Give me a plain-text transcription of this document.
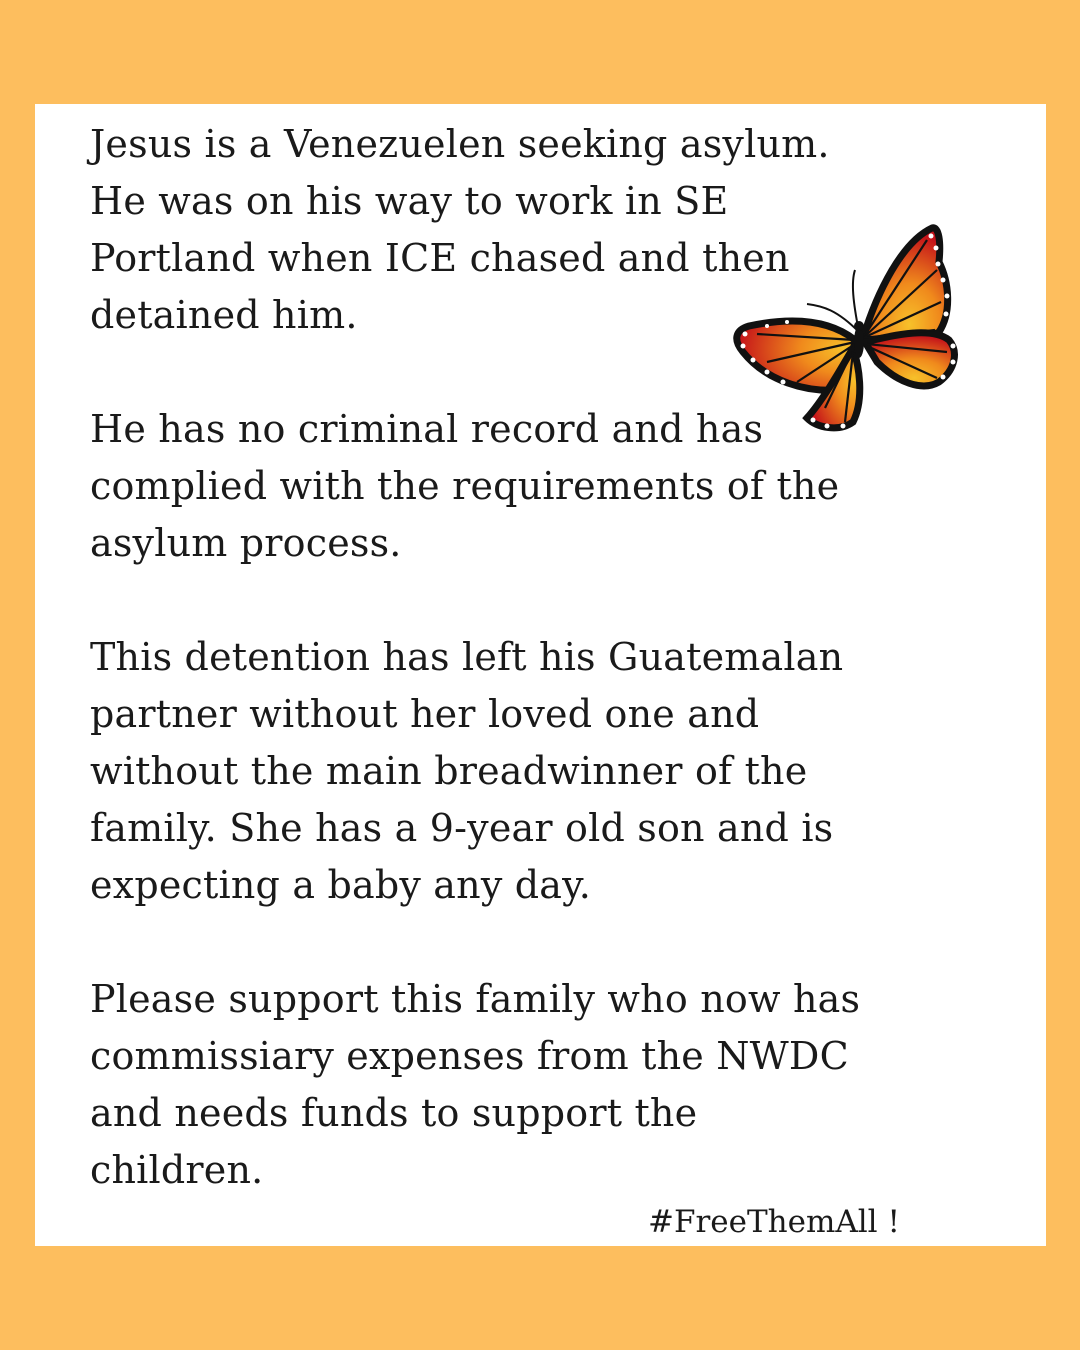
Jesus is a Venezuelen seeking asylum.
He was on his way to work in SE
Portland when ICE chased and then
detained him.

He has no criminal record and has
complied with the requirements of the
asylum process.

This detention has left his Guatemalan
partner without her loved one and
without the main breadwinner of the
family. She has a 9-year old son and is
expecting a baby any day.

Please support this family who now has
commissiary expenses from the NWDC
and needs funds to support the
children.

#FreeThemAll !
